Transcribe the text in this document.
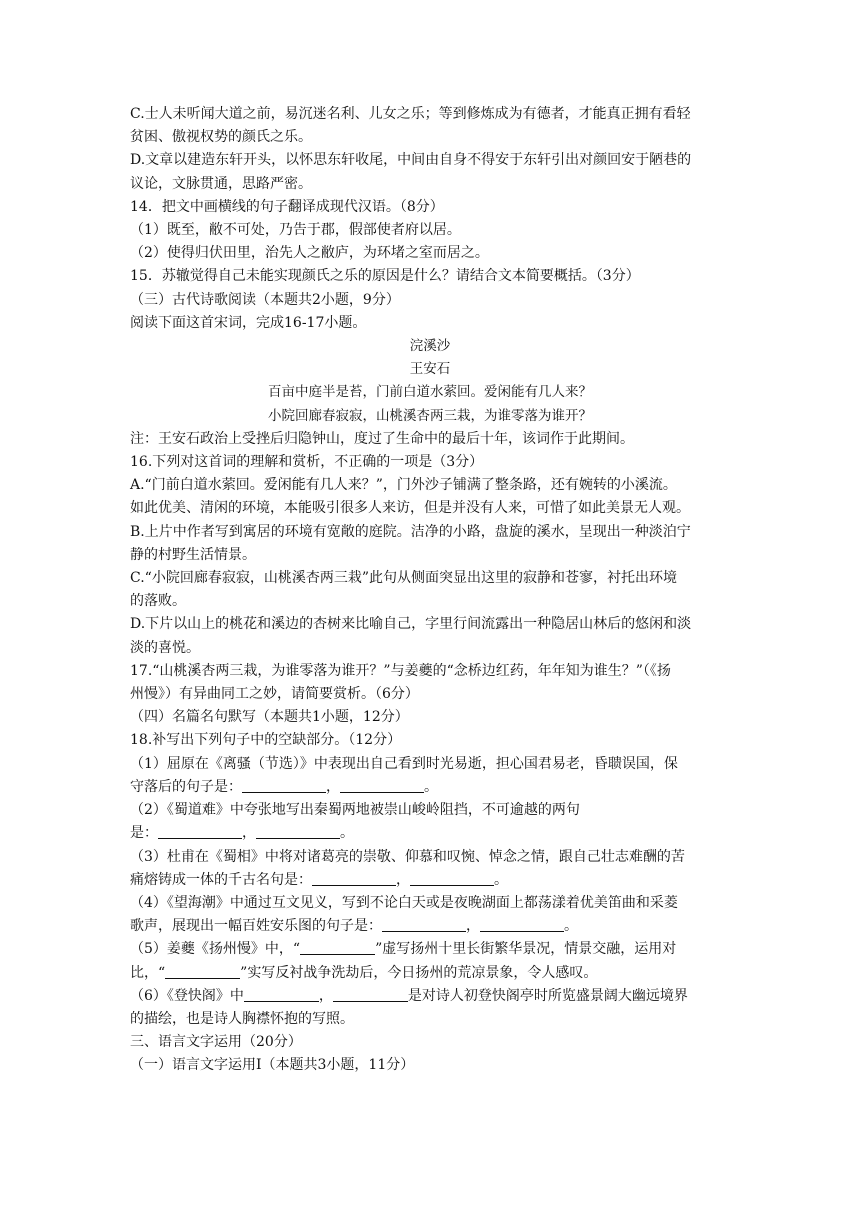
C.士人未听闻大道之前，易沉迷名利、儿女之乐；等到修炼成为有德者，才能真正拥有看轻

贫困、傲视权势的颜氏之乐。

D.文章以建造东轩开头，以怀思东轩收尾，中间由自身不得安于东轩引出对颜回安于陋巷的

议论，文脉贯通，思路严密。

14．把文中画横线的句子翻译成现代汉语。（8分）

（1）既至，敝不可处，乃告于郡，假部使者府以居。

（2）使得归伏田里，治先人之敝庐，为环堵之室而居之。

15．苏辙觉得自己未能实现颜氏之乐的原因是什么？请结合文本简要概括。（3分）

（三）古代诗歌阅读（本题共2小题，9分）

阅读下面这首宋词，完成16-17小题。

浣溪沙

王安石

百亩中庭半是苔，门前白道水萦回。爱闲能有几人来？

小院回廊春寂寂，山桃溪杏两三栽，为谁零落为谁开？

注：王安石政治上受挫后归隐钟山，度过了生命中的最后十年，该词作于此期间。

16.下列对这首词的理解和赏析，不正确的一项是（3分）

A.“门前白道水萦回。爱闲能有几人来？”，门外沙子铺满了整条路，还有婉转的小溪流。

如此优美、清闲的环境，本能吸引很多人来访，但是并没有人来，可惜了如此美景无人观。

B.上片中作者写到寓居的环境有宽敞的庭院。洁净的小路，盘旋的溪水，呈现出一种淡泊宁

静的村野生活情景。

C.“小院回廊春寂寂，山桃溪杏两三栽”此句从侧面突显出这里的寂静和苍寥，衬托出环境

的落败。

D.下片以山上的桃花和溪边的杏树来比喻自己，字里行间流露出一种隐居山林后的悠闲和淡

淡的喜悦。

17.“山桃溪杏两三栽，为谁零落为谁开？”与姜夔的“念桥边红药，年年知为谁生？”（《扬

州慢》）有异曲同工之妙，请简要赏析。（6分）

（四）名篇名句默写（本题共1小题，12分）

18.补写出下列句子中的空缺部分。（12分）

（1）屈原在《离骚（节选）》中表现出自己看到时光易逝，担心国君易老，昏聩误国，保

守落后的句子是：	，	。

（2）《蜀道难》中夸张地写出秦蜀两地被崇山峻岭阻挡，不可逾越的两句

是：	，	。

（3）杜甫在《蜀相》中将对诸葛亮的崇敬、仰慕和叹惋、悼念之情，跟自己壮志难酬的苦

痛熔铸成一体的千古名句是：	，	。

（4）《望海潮》中通过互文见义，写到不论白天或是夜晚湖面上都荡漾着优美笛曲和采菱

歌声，展现出一幅百姓安乐图的句子是：	，	。

（5）姜夔《扬州慢》中，“	”虚写扬州十里长街繁华景况，情景交融，运用对

比，“	”实写反衬战争洗劫后，今日扬州的荒凉景象，令人感叹。

（6）《登快阁》中	，	是对诗人初登快阁亭时所览盛景阔大幽远境界

的描绘，也是诗人胸襟怀抱的写照。

三、语言文字运用（20分）

（一）语言文字运用Ⅰ（本题共3小题，11分）
